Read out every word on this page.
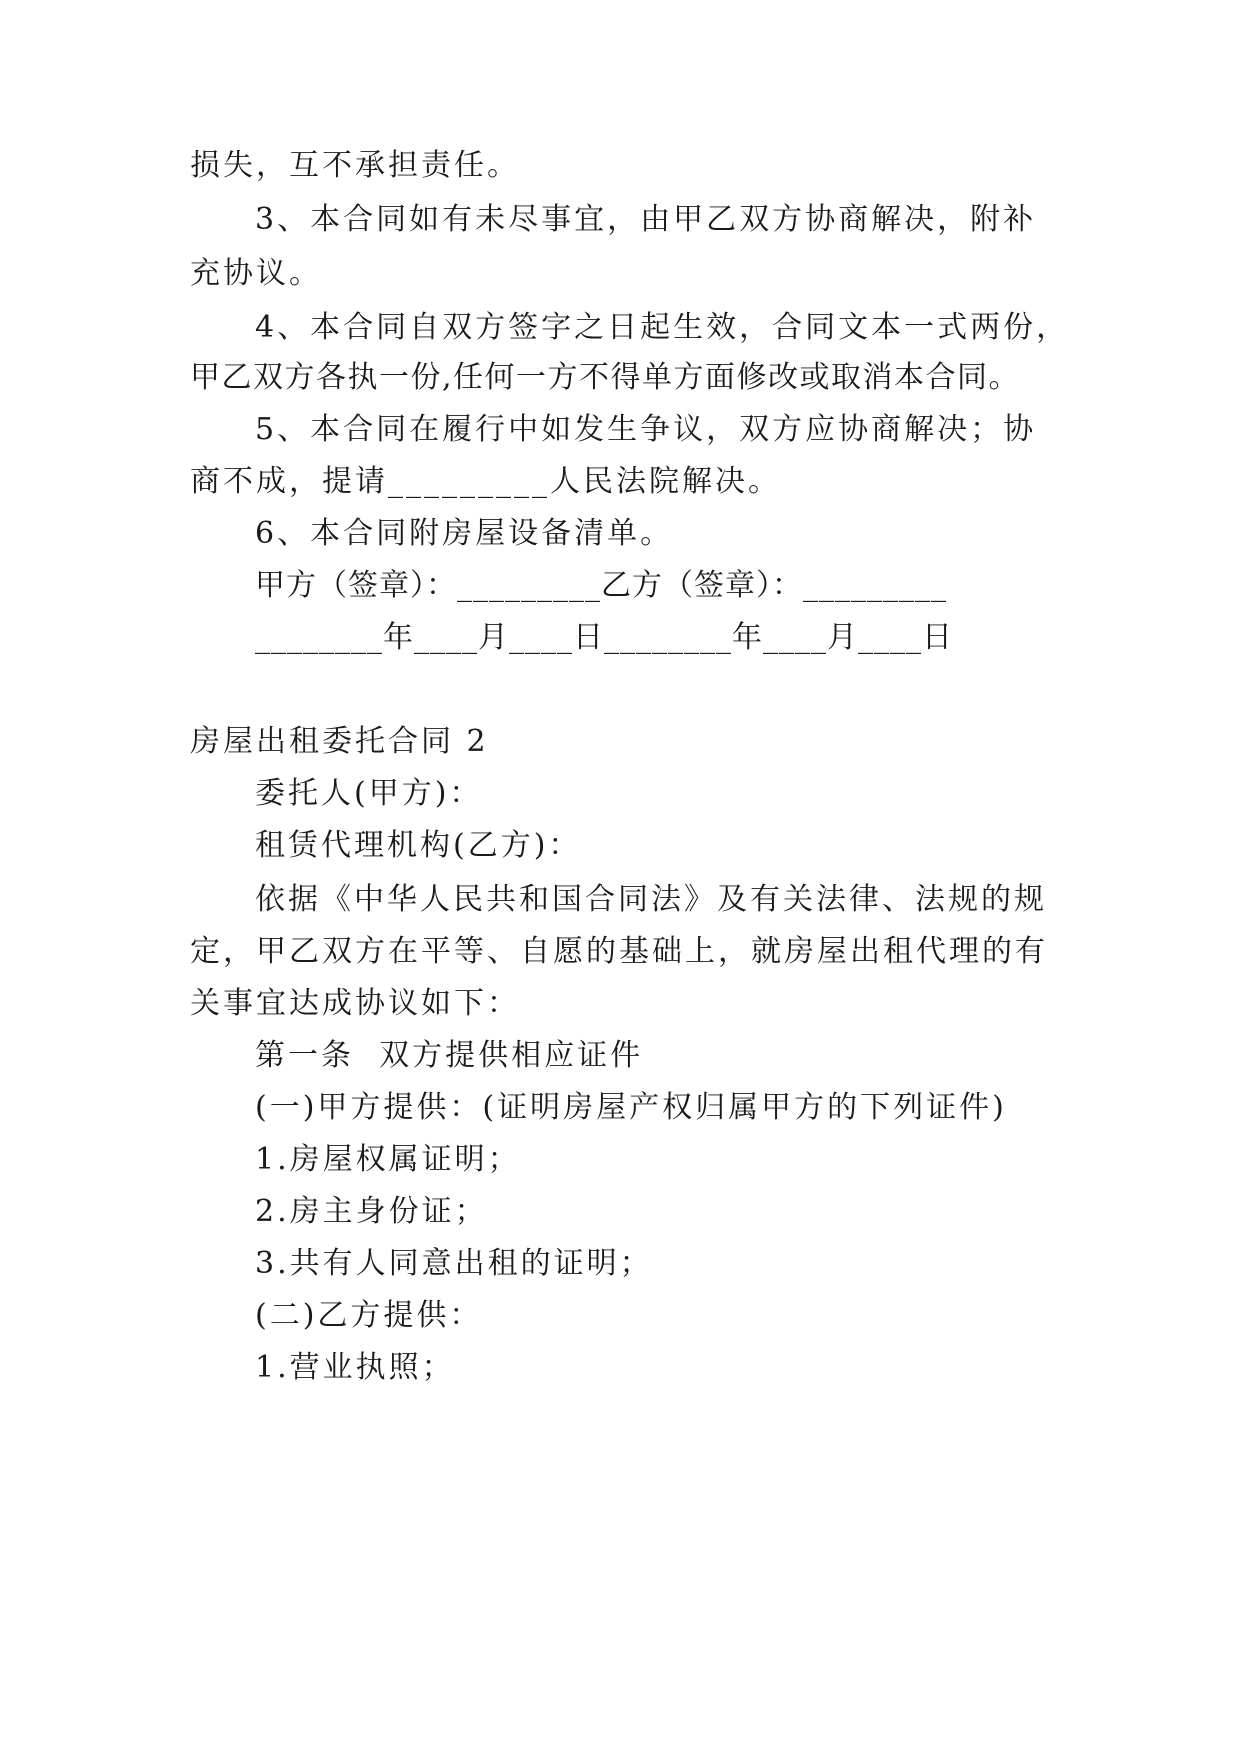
损失，互不承担责任。
3、本合同如有未尽事宜，由甲乙双方协商解决，附补
充协议。
4、本合同自双方签字之日起生效，合同文本一式两份，
甲乙双方各执一份,任何一方不得单方面修改或取消本合同。
5、本合同在履行中如发生争议，双方应协商解决；协
商不成，提请_________人民法院解决。
6、本合同附房屋设备清单。
甲方（签章）：_________乙方（签章）：_________
________年____月____日________年____月____日
房屋出租委托合同 2
委托人(甲方)：
租赁代理机构(乙方)：
依据《中华人民共和国合同法》及有关法律、法规的规
定，甲乙双方在平等、自愿的基础上，就房屋出租代理的有
关事宜达成协议如下：
第一条  双方提供相应证件
(一)甲方提供：(证明房屋产权归属甲方的下列证件)
1.房屋权属证明；
2.房主身份证；
3.共有人同意出租的证明；
(二)乙方提供：
1.营业执照；
